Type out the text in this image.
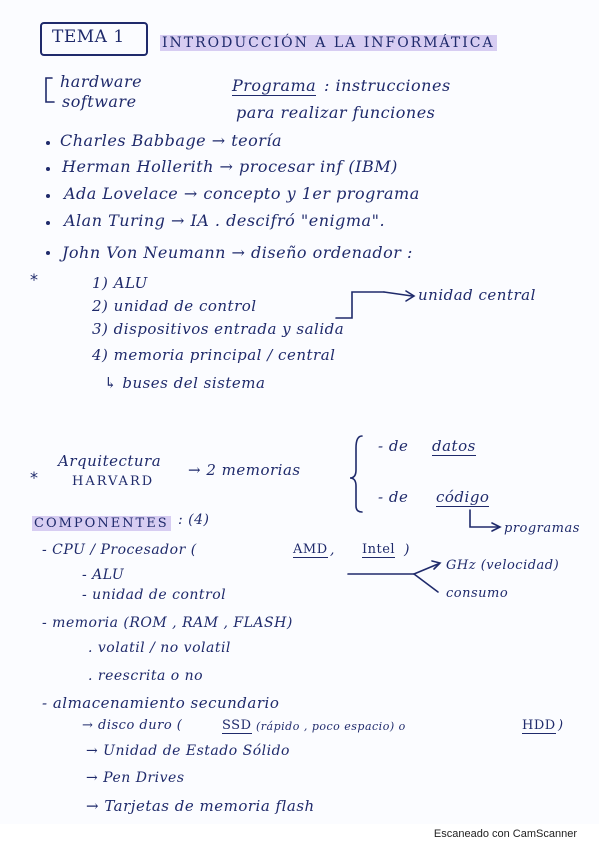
TEMA 1	INTRODUCCIÓN A LA INFORMÁTICA
hardware
software
Programa : instrucciones
para realizar funciones
Charles Babbage → teoría
Herman Hollerith → procesar inf (IBM)
Ada Lovelace → concepto y 1er programa
Alan Turing → IA . descifró "enigma".
John Von Neumann → diseño ordenador :
*	1) ALU
2) unidad de control
unidad central
3) dispositivos entrada y salida
4) memoria principal / central
↳ buses del sistema
*
Arquitectura
HARVARD
→ 2 memorias
- de datos
- de código
programas
COMPONENTES : (4)
- CPU / Procesador (	AMD , Intel )
- ALU
- unidad de control
GHz (velocidad)
consumo
- memoria (ROM , RAM , FLASH)
. volatil / no volatil
. reescrita o no
- almacenamiento secundario
→ disco duro (	SSD (rápido , poco espacio) o	HDD )
→ Unidad de Estado Sólido
→ Pen Drives
→ Tarjetas de memoria flash
Escaneado con CamScanner
